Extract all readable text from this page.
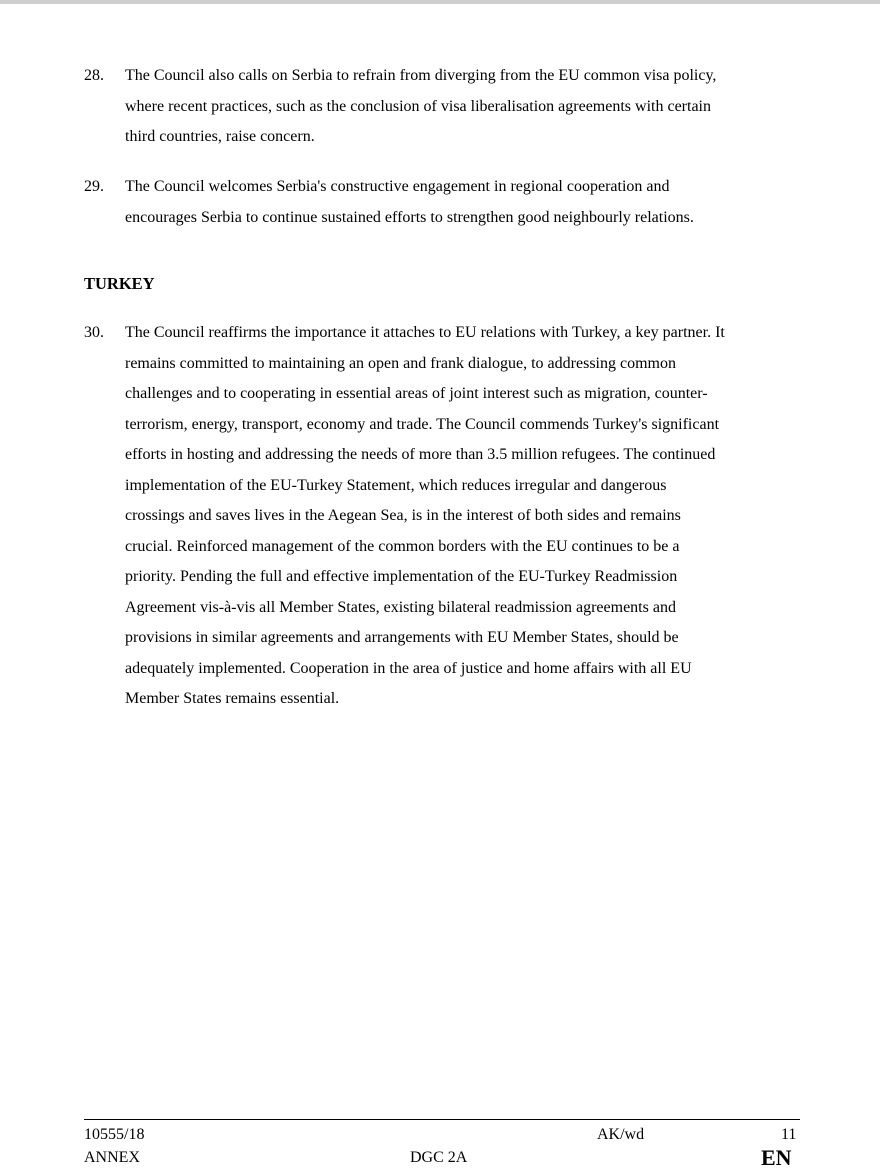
28. The Council also calls on Serbia to refrain from diverging from the EU common visa policy,
where recent practices, such as the conclusion of visa liberalisation agreements with certain
third countries, raise concern.
29. The Council welcomes Serbia's constructive engagement in regional cooperation and
encourages Serbia to continue sustained efforts to strengthen good neighbourly relations.
TURKEY
30. The Council reaffirms the importance it attaches to EU relations with Turkey, a key partner. It
remains committed to maintaining an open and frank dialogue, to addressing common
challenges and to cooperating in essential areas of joint interest such as migration, counter-
terrorism, energy, transport, economy and trade. The Council commends Turkey's significant
efforts in hosting and addressing the needs of more than 3.5 million refugees. The continued
implementation of the EU-Turkey Statement, which reduces irregular and dangerous
crossings and saves lives in the Aegean Sea, is in the interest of both sides and remains
crucial. Reinforced management of the common borders with the EU continues to be a
priority. Pending the full and effective implementation of the EU-Turkey Readmission
Agreement vis-à-vis all Member States, existing bilateral readmission agreements and
provisions in similar agreements and arrangements with EU Member States, should be
adequately implemented. Cooperation in the area of justice and home affairs with all EU
Member States remains essential.
10555/18
ANNEX
AK/wd
DGC 2A
11
EN
